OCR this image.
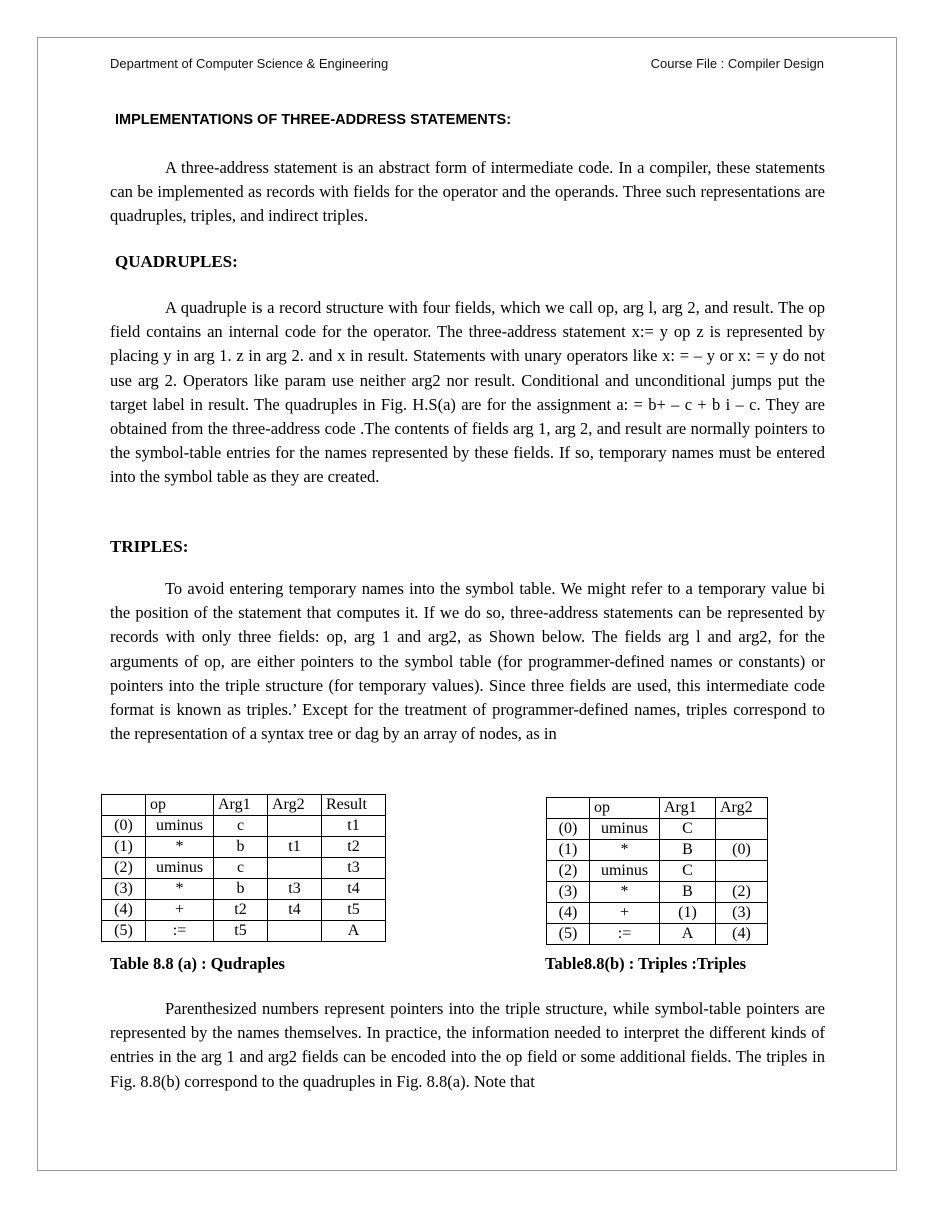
Department of Computer Science & Engineering	Course File : Compiler Design
IMPLEMENTATIONS OF THREE-ADDRESS STATEMENTS:

A three-address statement is an abstract form of intermediate code. In a compiler, these statements can be implemented as records with fields for the operator and the operands. Three such representations are quadruples, triples, and indirect triples.

QUADRUPLES:

A quadruple is a record structure with four fields, which we call op, arg l, arg 2, and result. The op field contains an internal code for the operator. The three-address statement x:= y op z is represented by placing y in arg 1. z in arg 2. and x in result. Statements with unary operators like x: = – y or x: = y do not use arg 2. Operators like param use neither arg2 nor result. Conditional and unconditional jumps put the target label in result. The quadruples in Fig. H.S(a) are for the assignment a: = b+ – c + b i – c. They are obtained from the three-address code .The contents of fields arg 1, arg 2, and result are normally pointers to the symbol-table entries for the names represented by these fields. If so, temporary names must be entered into the symbol table as they are created.

TRIPLES:

To avoid entering temporary names into the symbol table. We might refer to a temporary value bi the position of the statement that computes it. If we do so, three-address statements can be represented by records with only three fields: op, arg 1 and arg2, as Shown below. The fields arg l and arg2, for the arguments of op, are either pointers to the symbol table (for programmer-defined names or constants) or pointers into the triple structure (for temporary values). Since three fields are used, this intermediate code format is known as triples.’ Except for the treatment of programmer-defined names, triples correspond to the representation of a syntax tree or dag by an array of nodes, as in

	op	Arg1	Arg2	Result
(0)	uminus	c		t1
(1)	*	b	t1	t2
(2)	uminus	c		t3
(3)	*	b	t3	t4
(4)	+	t2	t4	t5
(5)	:=	t5		A
Table 8.8 (a) : Qudraples
	op	Arg1	Arg2
(0)	uminus	C	
(1)	*	B	(0)
(2)	uminus	C	
(3)	*	B	(2)
(4)	+	(1)	(3)
(5)	:=	A	(4)
Table8.8(b) : Triples :Triples

Parenthesized numbers represent pointers into the triple structure, while symbol-table pointers are represented by the names themselves. In practice, the information needed to interpret the different kinds of entries in the arg 1 and arg2 fields can be encoded into the op field or some additional fields. The triples in Fig. 8.8(b) correspond to the quadruples in Fig. 8.8(a). Note that
